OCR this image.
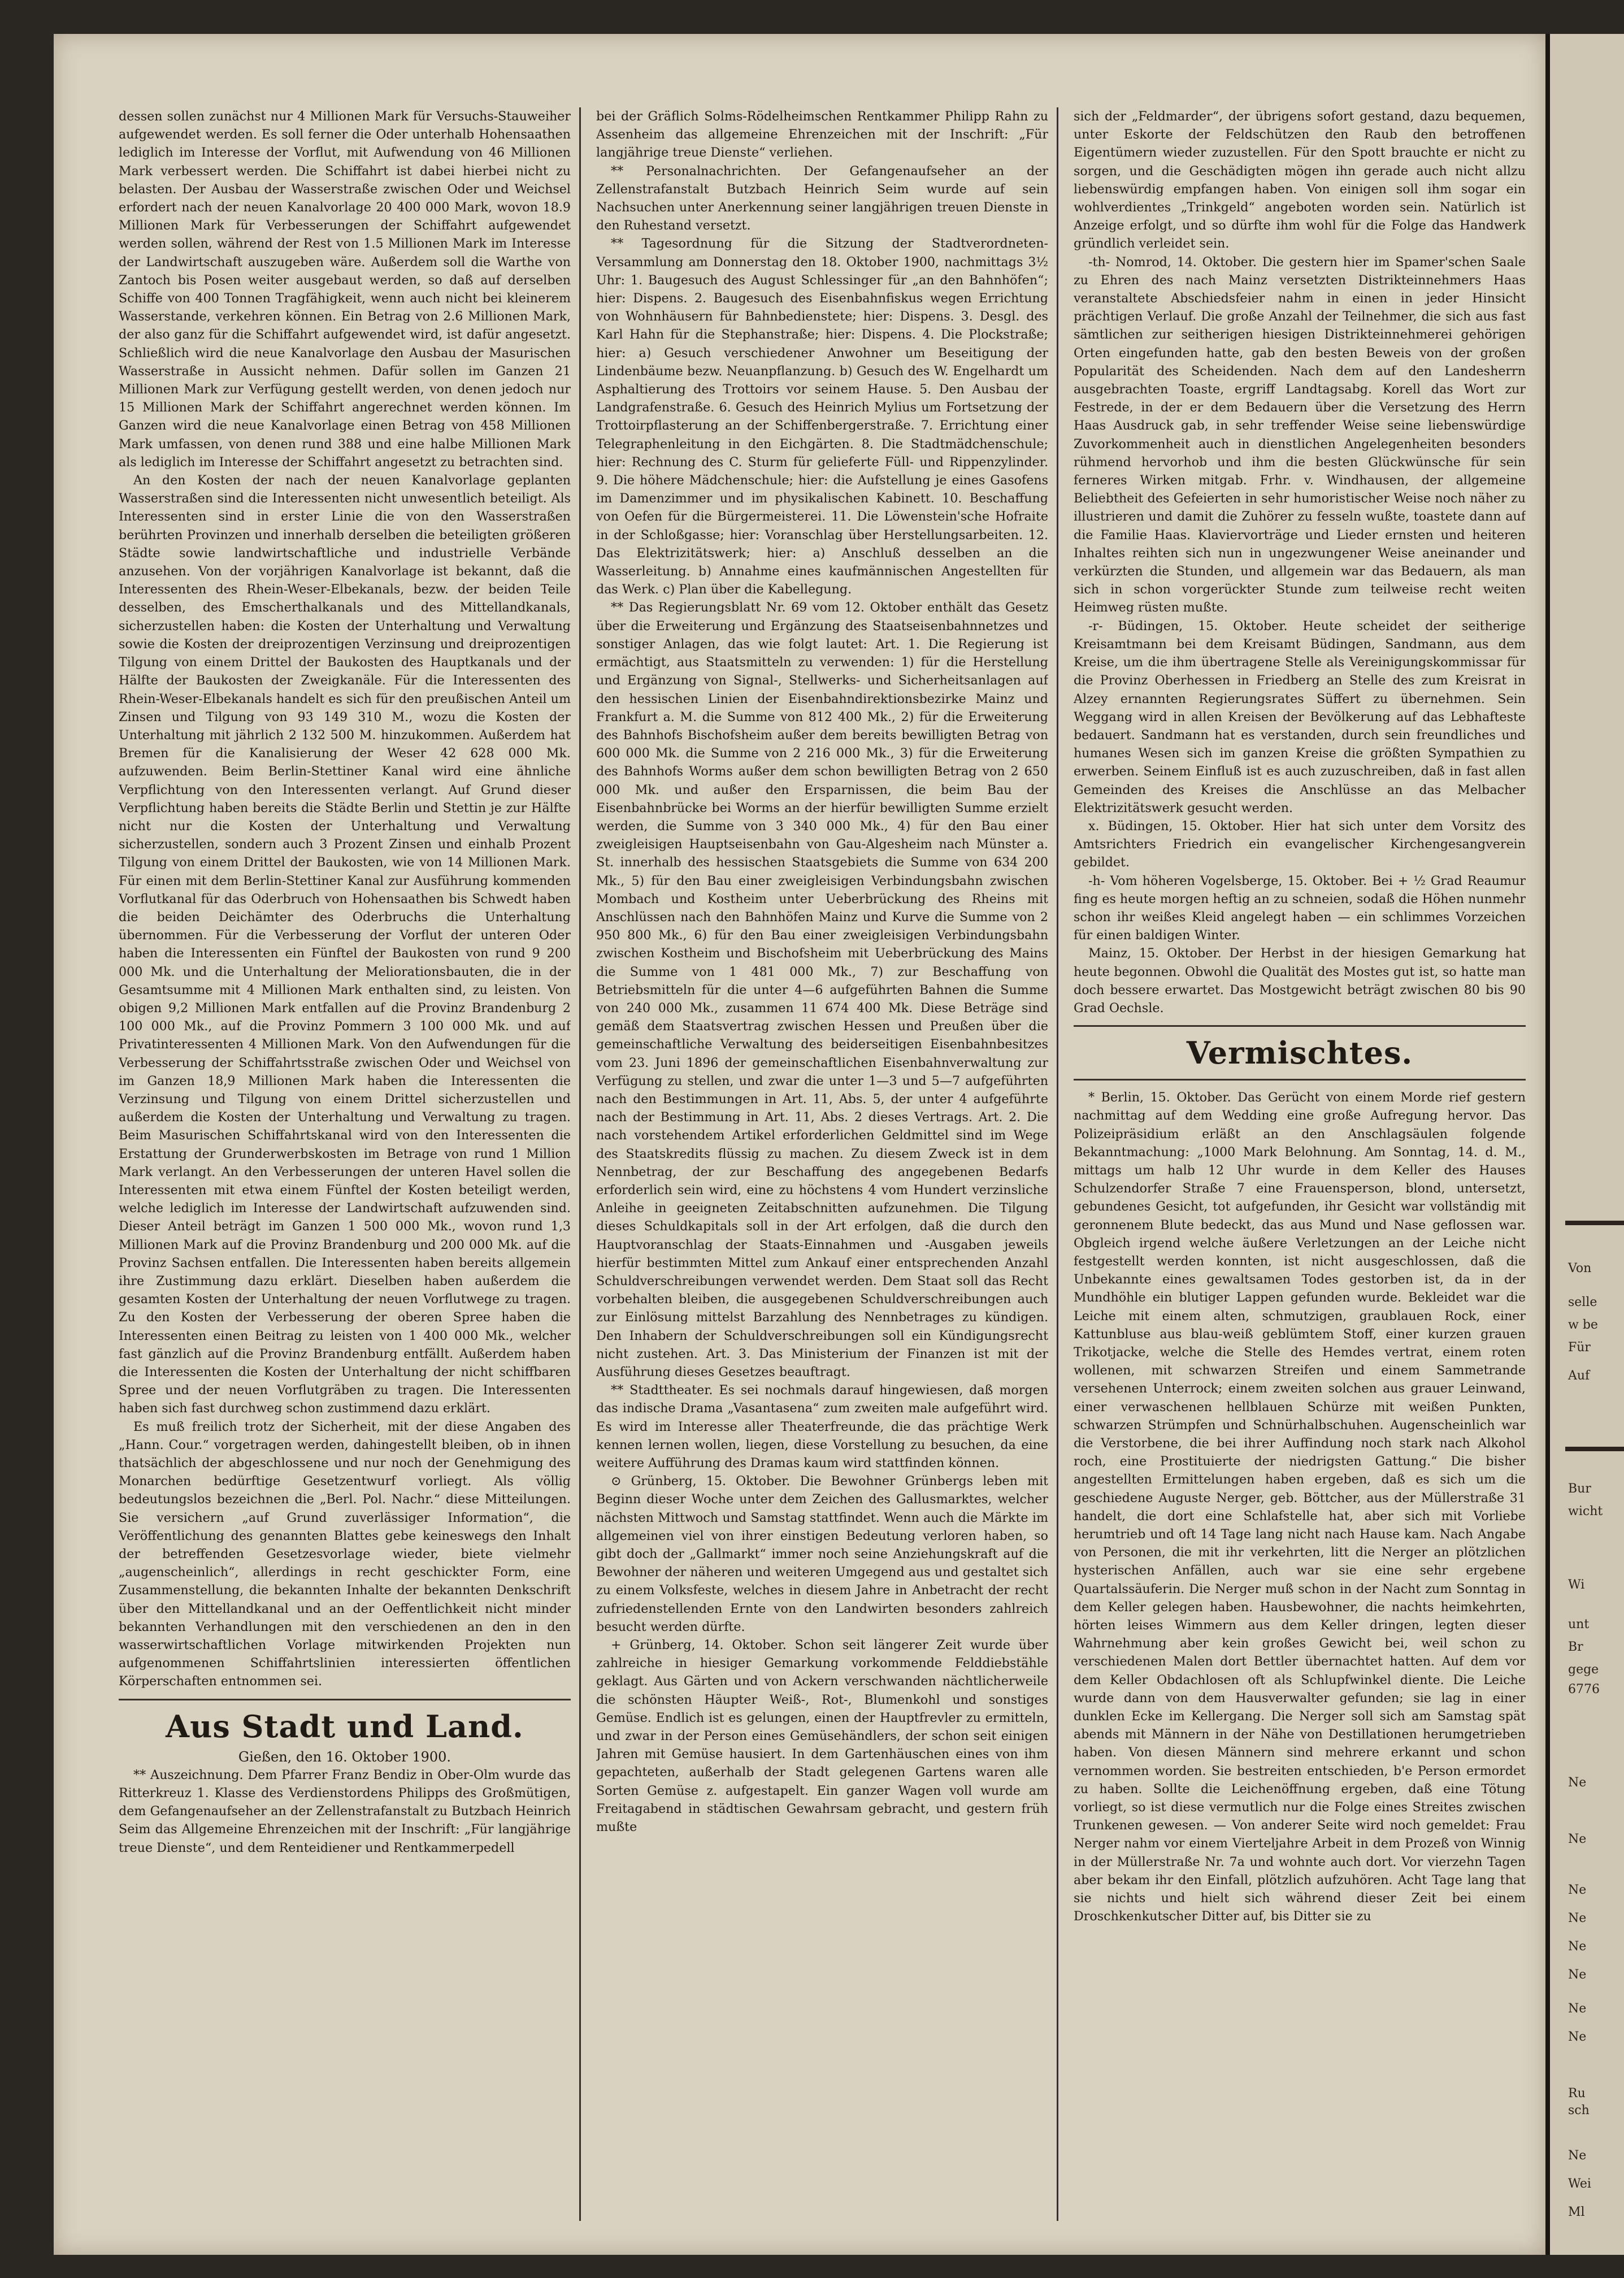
dessen sollen zunächst nur 4 Millionen Mark für Versuchs-Stauweiher aufgewendet werden. Es soll ferner die Oder unterhalb Hohensaathen lediglich im Interesse der Vorflut, mit Aufwendung von 46 Millionen Mark verbessert werden. Die Schiffahrt ist dabei hierbei nicht zu belasten. Der Ausbau der Wasserstraße zwischen Oder und Weichsel erfordert nach der neuen Kanalvorlage 20 400 000 Mark, wovon 18.9 Millionen Mark für Verbesserungen der Schiffahrt aufgewendet werden sollen, während der Rest von 1.5 Millionen Mark im Interesse der Landwirtschaft auszugeben wäre. Außerdem soll die Warthe von Zantoch bis Posen weiter ausgebaut werden, so daß auf derselben Schiffe von 400 Tonnen Tragfähigkeit, wenn auch nicht bei kleinerem Wasserstande, verkehren können. Ein Betrag von 2.6 Millionen Mark, der also ganz für die Schiffahrt aufgewendet wird, ist dafür angesetzt. Schließlich wird die neue Kanalvorlage den Ausbau der Masurischen Wasserstraße in Aussicht nehmen. Dafür sollen im Ganzen 21 Millionen Mark zur Verfügung gestellt werden, von denen jedoch nur 15 Millionen Mark der Schiffahrt angerechnet werden können. Im Ganzen wird die neue Kanalvorlage einen Betrag von 458 Millionen Mark umfassen, von denen rund 388 und eine halbe Millionen Mark als lediglich im Interesse der Schiffahrt angesetzt zu betrachten sind.

An den Kosten der nach der neuen Kanalvorlage geplanten Wasserstraßen sind die Interessenten nicht unwesentlich beteiligt. Als Interessenten sind in erster Linie die von den Wasserstraßen berührten Provinzen und innerhalb derselben die beteiligten größeren Städte sowie landwirtschaftliche und industrielle Verbände anzusehen. Von der vorjährigen Kanalvorlage ist bekannt, daß die Interessenten des Rhein-Weser-Elbekanals, bezw. der beiden Teile desselben, des Emscherthalkanals und des Mittellandkanals, sicherzustellen haben: die Kosten der Unterhaltung und Verwaltung sowie die Kosten der dreiprozentigen Verzinsung und dreiprozentigen Tilgung von einem Drittel der Baukosten des Hauptkanals und der Hälfte der Baukosten der Zweigkanäle. Für die Interessenten des Rhein-Weser-Elbekanals handelt es sich für den preußischen Anteil um Zinsen und Tilgung von 93 149 310 M., wozu die Kosten der Unterhaltung mit jährlich 2 132 500 M. hinzukommen. Außerdem hat Bremen für die Kanalisierung der Weser 42 628 000 Mk. aufzuwenden. Beim Berlin-Stettiner Kanal wird eine ähnliche Verpflichtung von den Interessenten verlangt. Auf Grund dieser Verpflichtung haben bereits die Städte Berlin und Stettin je zur Hälfte nicht nur die Kosten der Unterhaltung und Verwaltung sicherzustellen, sondern auch 3 Prozent Zinsen und einhalb Prozent Tilgung von einem Drittel der Baukosten, wie von 14 Millionen Mark. Für einen mit dem Berlin-Stettiner Kanal zur Ausführung kommenden Vorflutkanal für das Oderbruch von Hohensaathen bis Schwedt haben die beiden Deichämter des Oderbruchs die Unterhaltung übernommen. Für die Verbesserung der Vorflut der unteren Oder haben die Interessenten ein Fünftel der Baukosten von rund 9 200 000 Mk. und die Unterhaltung der Meliorationsbauten, die in der Gesamtsumme mit 4 Millionen Mark enthalten sind, zu leisten. Von obigen 9,2 Millionen Mark entfallen auf die Provinz Brandenburg 2 100 000 Mk., auf die Provinz Pommern 3 100 000 Mk. und auf Privatinteressenten 4 Millionen Mark. Von den Aufwendungen für die Verbesserung der Schiffahrtsstraße zwischen Oder und Weichsel von im Ganzen 18,9 Millionen Mark haben die Interessenten die Verzinsung und Tilgung von einem Drittel sicherzustellen und außerdem die Kosten der Unterhaltung und Verwaltung zu tragen. Beim Masurischen Schiffahrtskanal wird von den Interessenten die Erstattung der Grunderwerbskosten im Betrage von rund 1 Million Mark verlangt. An den Verbesserungen der unteren Havel sollen die Interessenten mit etwa einem Fünftel der Kosten beteiligt werden, welche lediglich im Interesse der Landwirtschaft aufzuwenden sind. Dieser Anteil beträgt im Ganzen 1 500 000 Mk., wovon rund 1,3 Millionen Mark auf die Provinz Brandenburg und 200 000 Mk. auf die Provinz Sachsen entfallen. Die Interessenten haben bereits allgemein ihre Zustimmung dazu erklärt. Dieselben haben außerdem die gesamten Kosten der Unterhaltung der neuen Vorflutwege zu tragen. Zu den Kosten der Verbesserung der oberen Spree haben die Interessenten einen Beitrag zu leisten von 1 400 000 Mk., welcher fast gänzlich auf die Provinz Brandenburg entfällt. Außerdem haben die Interessenten die Kosten der Unterhaltung der nicht schiffbaren Spree und der neuen Vorflutgräben zu tragen. Die Interessenten haben sich fast durchweg schon zustimmend dazu erklärt.

Es muß freilich trotz der Sicherheit, mit der diese Angaben des „Hann. Cour.“ vorgetragen werden, dahingestellt bleiben, ob in ihnen thatsächlich der abgeschlossene und nur noch der Genehmigung des Monarchen bedürftige Gesetzentwurf vorliegt. Als völlig bedeutungslos bezeichnen die „Berl. Pol. Nachr.“ diese Mitteilungen. Sie versichern „auf Grund zuverlässiger Information“, die Veröffentlichung des genannten Blattes gebe keineswegs den Inhalt der betreffenden Gesetzesvorlage wieder, biete vielmehr „augenscheinlich“, allerdings in recht geschickter Form, eine Zusammenstellung, die bekannten Inhalte der bekannten Denkschrift über den Mittellandkanal und an der Oeffentlichkeit nicht minder bekannten Verhandlungen mit den verschiedenen an den in den wasserwirtschaftlichen Vorlage mitwirkenden Projekten nun aufgenommenen Schiffahrtslinien interessierten öffentlichen Körperschaften entnommen sei.

Aus Stadt und Land.

Gießen, den 16. Oktober 1900.

** Auszeichnung. Dem Pfarrer Franz Bendiz in Ober-Olm wurde das Ritterkreuz 1. Klasse des Verdienstordens Philipps des Großmütigen, dem Gefangenaufseher an der Zellenstrafanstalt zu Butzbach Heinrich Seim das Allgemeine Ehrenzeichen mit der Inschrift: „Für langjährige treue Dienste“, und dem Renteidiener und Rentkammerpedell

bei der Gräflich Solms-Rödelheimschen Rentkammer Philipp Rahn zu Assenheim das allgemeine Ehrenzeichen mit der Inschrift: „Für langjährige treue Dienste“ verliehen.

** Personalnachrichten. Der Gefangenaufseher an der Zellenstrafanstalt Butzbach Heinrich Seim wurde auf sein Nachsuchen unter Anerkennung seiner langjährigen treuen Dienste in den Ruhestand versetzt.

** Tagesordnung für die Sitzung der Stadtverordneten-Versammlung am Donnerstag den 18. Oktober 1900, nachmittags 3½ Uhr: 1. Baugesuch des August Schlessinger für „an den Bahnhöfen“; hier: Dispens. 2. Baugesuch des Eisenbahnfiskus wegen Errichtung von Wohnhäusern für Bahnbedienstete; hier: Dispens. 3. Desgl. des Karl Hahn für die Stephanstraße; hier: Dispens. 4. Die Plockstraße; hier: a) Gesuch verschiedener Anwohner um Beseitigung der Lindenbäume bezw. Neuanpflanzung. b) Gesuch des W. Engelhardt um Asphaltierung des Trottoirs vor seinem Hause. 5. Den Ausbau der Landgrafenstraße. 6. Gesuch des Heinrich Mylius um Fortsetzung der Trottoirpflasterung an der Schiffenbergerstraße. 7. Errichtung einer Telegraphenleitung in den Eichgärten. 8. Die Stadtmädchenschule; hier: Rechnung des C. Sturm für gelieferte Füll- und Rippenzylinder. 9. Die höhere Mädchenschule; hier: die Aufstellung je eines Gasofens im Damenzimmer und im physikalischen Kabinett. 10. Beschaffung von Oefen für die Bürgermeisterei. 11. Die Löwenstein'sche Hofraite in der Schloßgasse; hier: Voranschlag über Herstellungsarbeiten. 12. Das Elektrizitätswerk; hier: a) Anschluß desselben an die Wasserleitung. b) Annahme eines kaufmännischen Angestellten für das Werk. c) Plan über die Kabellegung.

** Das Regierungsblatt Nr. 69 vom 12. Oktober enthält das Gesetz über die Erweiterung und Ergänzung des Staatseisenbahnnetzes und sonstiger Anlagen, das wie folgt lautet: Art. 1. Die Regierung ist ermächtigt, aus Staatsmitteln zu verwenden: 1) für die Herstellung und Ergänzung von Signal-, Stellwerks- und Sicherheitsanlagen auf den hessischen Linien der Eisenbahndirektionsbezirke Mainz und Frankfurt a. M. die Summe von 812 400 Mk., 2) für die Erweiterung des Bahnhofs Bischofsheim außer dem bereits bewilligten Betrag von 600 000 Mk. die Summe von 2 216 000 Mk., 3) für die Erweiterung des Bahnhofs Worms außer dem schon bewilligten Betrag von 2 650 000 Mk. und außer den Ersparnissen, die beim Bau der Eisenbahnbrücke bei Worms an der hierfür bewilligten Summe erzielt werden, die Summe von 3 340 000 Mk., 4) für den Bau einer zweigleisigen Hauptseisenbahn von Gau-Algesheim nach Münster a. St. innerhalb des hessischen Staatsgebiets die Summe von 634 200 Mk., 5) für den Bau einer zweigleisigen Verbindungsbahn zwischen Mombach und Kostheim unter Ueberbrückung des Rheins mit Anschlüssen nach den Bahnhöfen Mainz und Kurve die Summe von 2 950 800 Mk., 6) für den Bau einer zweigleisigen Verbindungsbahn zwischen Kostheim und Bischofsheim mit Ueberbrückung des Mains die Summe von 1 481 000 Mk., 7) zur Beschaffung von Betriebsmitteln für die unter 4—6 aufgeführten Bahnen die Summe von 240 000 Mk., zusammen 11 674 400 Mk. Diese Beträge sind gemäß dem Staatsvertrag zwischen Hessen und Preußen über die gemeinschaftliche Verwaltung des beiderseitigen Eisenbahnbesitzes vom 23. Juni 1896 der gemeinschaftlichen Eisenbahnverwaltung zur Verfügung zu stellen, und zwar die unter 1—3 und 5—7 aufgeführten nach den Bestimmungen in Art. 11, Abs. 5, der unter 4 aufgeführte nach der Bestimmung in Art. 11, Abs. 2 dieses Vertrags. Art. 2. Die nach vorstehendem Artikel erforderlichen Geldmittel sind im Wege des Staatskredits flüssig zu machen. Zu diesem Zweck ist in dem Nennbetrag, der zur Beschaffung des angegebenen Bedarfs erforderlich sein wird, eine zu höchstens 4 vom Hundert verzinsliche Anleihe in geeigneten Zeitabschnitten aufzunehmen. Die Tilgung dieses Schuldkapitals soll in der Art erfolgen, daß die durch den Hauptvoranschlag der Staats-Einnahmen und -Ausgaben jeweils hierfür bestimmten Mittel zum Ankauf einer entsprechenden Anzahl Schuldverschreibungen verwendet werden. Dem Staat soll das Recht vorbehalten bleiben, die ausgegebenen Schuldverschreibungen auch zur Einlösung mittelst Barzahlung des Nennbetrages zu kündigen. Den Inhabern der Schuldverschreibungen soll ein Kündigungsrecht nicht zustehen. Art. 3. Das Ministerium der Finanzen ist mit der Ausführung dieses Gesetzes beauftragt.

** Stadttheater. Es sei nochmals darauf hingewiesen, daß morgen das indische Drama „Vasantasena“ zum zweiten male aufgeführt wird. Es wird im Interesse aller Theaterfreunde, die das prächtige Werk kennen lernen wollen, liegen, diese Vorstellung zu besuchen, da eine weitere Aufführung des Dramas kaum wird stattfinden können.

⊙ Grünberg, 15. Oktober. Die Bewohner Grünbergs leben mit Beginn dieser Woche unter dem Zeichen des Gallusmarktes, welcher nächsten Mittwoch und Samstag stattfindet. Wenn auch die Märkte im allgemeinen viel von ihrer einstigen Bedeutung verloren haben, so gibt doch der „Gallmarkt“ immer noch seine Anziehungskraft auf die Bewohner der näheren und weiteren Umgegend aus und gestaltet sich zu einem Volksfeste, welches in diesem Jahre in Anbetracht der recht zufriedenstellenden Ernte von den Landwirten besonders zahlreich besucht werden dürfte.

+ Grünberg, 14. Oktober. Schon seit längerer Zeit wurde über zahlreiche in hiesiger Gemarkung vorkommende Felddiebstähle geklagt. Aus Gärten und von Ackern verschwanden nächtlicherweile die schönsten Häupter Weiß-, Rot-, Blumenkohl und sonstiges Gemüse. Endlich ist es gelungen, einen der Hauptfrevler zu ermitteln, und zwar in der Person eines Gemüsehändlers, der schon seit einigen Jahren mit Gemüse hausiert. In dem Gartenhäuschen eines von ihm gepachteten, außerhalb der Stadt gelegenen Gartens waren alle Sorten Gemüse z. aufgestapelt. Ein ganzer Wagen voll wurde am Freitagabend in städtischen Gewahrsam gebracht, und gestern früh mußte

sich der „Feldmarder“, der übrigens sofort gestand, dazu bequemen, unter Eskorte der Feldschützen den Raub den betroffenen Eigentümern wieder zuzustellen. Für den Spott brauchte er nicht zu sorgen, und die Geschädigten mögen ihn gerade auch nicht allzu liebenswürdig empfangen haben. Von einigen soll ihm sogar ein wohlverdientes „Trinkgeld“ angeboten worden sein. Natürlich ist Anzeige erfolgt, und so dürfte ihm wohl für die Folge das Handwerk gründlich verleidet sein.

-th- Nomrod, 14. Oktober. Die gestern hier im Spamer'schen Saale zu Ehren des nach Mainz versetzten Distrikteinnehmers Haas veranstaltete Abschiedsfeier nahm in einen in jeder Hinsicht prächtigen Verlauf. Die große Anzahl der Teilnehmer, die sich aus fast sämtlichen zur seitherigen hiesigen Distrikteinnehmerei gehörigen Orten eingefunden hatte, gab den besten Beweis von der großen Popularität des Scheidenden. Nach dem auf den Landesherrn ausgebrachten Toaste, ergriff Landtagsabg. Korell das Wort zur Festrede, in der er dem Bedauern über die Versetzung des Herrn Haas Ausdruck gab, in sehr treffender Weise seine liebenswürdige Zuvorkommenheit auch in dienstlichen Angelegenheiten besonders rühmend hervorhob und ihm die besten Glückwünsche für sein ferneres Wirken mitgab. Frhr. v. Windhausen, der allgemeine Beliebtheit des Gefeierten in sehr humoristischer Weise noch näher zu illustrieren und damit die Zuhörer zu fesseln wußte, toastete dann auf die Familie Haas. Klaviervorträge und Lieder ernsten und heiteren Inhaltes reihten sich nun in ungezwungener Weise aneinander und verkürzten die Stunden, und allgemein war das Bedauern, als man sich in schon vorgerückter Stunde zum teilweise recht weiten Heimweg rüsten mußte.

-r- Büdingen, 15. Oktober. Heute scheidet der seitherige Kreisamtmann bei dem Kreisamt Büdingen, Sandmann, aus dem Kreise, um die ihm übertragene Stelle als Vereinigungskommissar für die Provinz Oberhessen in Friedberg an Stelle des zum Kreisrat in Alzey ernannten Regierungsrates Süffert zu übernehmen. Sein Weggang wird in allen Kreisen der Bevölkerung auf das Lebhafteste bedauert. Sandmann hat es verstanden, durch sein freundliches und humanes Wesen sich im ganzen Kreise die größten Sympathien zu erwerben. Seinem Einfluß ist es auch zuzuschreiben, daß in fast allen Gemeinden des Kreises die Anschlüsse an das Melbacher Elektrizitätswerk gesucht werden.

x. Büdingen, 15. Oktober. Hier hat sich unter dem Vorsitz des Amtsrichters Friedrich ein evangelischer Kirchengesangverein gebildet.

-h- Vom höheren Vogelsberge, 15. Oktober. Bei + ½ Grad Reaumur fing es heute morgen heftig an zu schneien, sodaß die Höhen nunmehr schon ihr weißes Kleid angelegt haben — ein schlimmes Vorzeichen für einen baldigen Winter.

Mainz, 15. Oktober. Der Herbst in der hiesigen Gemarkung hat heute begonnen. Obwohl die Qualität des Mostes gut ist, so hatte man doch bessere erwartet. Das Mostgewicht beträgt zwischen 80 bis 90 Grad Oechsle.

Vermischtes.

* Berlin, 15. Oktober. Das Gerücht von einem Morde rief gestern nachmittag auf dem Wedding eine große Aufregung hervor. Das Polizeipräsidium erläßt an den Anschlagsäulen folgende Bekanntmachung: „1000 Mark Belohnung. Am Sonntag, 14. d. M., mittags um halb 12 Uhr wurde in dem Keller des Hauses Schulzendorfer Straße 7 eine Frauensperson, blond, untersetzt, gebundenes Gesicht, tot aufgefunden, ihr Gesicht war vollständig mit geronnenem Blute bedeckt, das aus Mund und Nase geflossen war. Obgleich irgend welche äußere Verletzungen an der Leiche nicht festgestellt werden konnten, ist nicht ausgeschlossen, daß die Unbekannte eines gewaltsamen Todes gestorben ist, da in der Mundhöhle ein blutiger Lappen gefunden wurde. Bekleidet war die Leiche mit einem alten, schmutzigen, graublauen Rock, einer Kattunbluse aus blau-weiß geblümtem Stoff, einer kurzen grauen Trikotjacke, welche die Stelle des Hemdes vertrat, einem roten wollenen, mit schwarzen Streifen und einem Sammetrande versehenen Unterrock; einem zweiten solchen aus grauer Leinwand, einer verwaschenen hellblauen Schürze mit weißen Punkten, schwarzen Strümpfen und Schnürhalbschuhen. Augenscheinlich war die Verstorbene, die bei ihrer Auffindung noch stark nach Alkohol roch, eine Prostituierte der niedrigsten Gattung.“ Die bisher angestellten Ermittelungen haben ergeben, daß es sich um die geschiedene Auguste Nerger, geb. Böttcher, aus der Müllerstraße 31 handelt, die dort eine Schlafstelle hat, aber sich mit Vorliebe herumtrieb und oft 14 Tage lang nicht nach Hause kam. Nach Angabe von Personen, die mit ihr verkehrten, litt die Nerger an plötzlichen hysterischen Anfällen, auch war sie eine sehr ergebene Quartalssäuferin. Die Nerger muß schon in der Nacht zum Sonntag in dem Keller gelegen haben. Hausbewohner, die nachts heimkehrten, hörten leises Wimmern aus dem Keller dringen, legten dieser Wahrnehmung aber kein großes Gewicht bei, weil schon zu verschiedenen Malen dort Bettler übernachtet hatten. Auf dem vor dem Keller Obdachlosen oft als Schlupfwinkel diente. Die Leiche wurde dann von dem Hausverwalter gefunden; sie lag in einer dunklen Ecke im Kellergang. Die Nerger soll sich am Samstag spät abends mit Männern in der Nähe von Destillationen herumgetrieben haben. Von diesen Männern sind mehrere erkannt und schon vernommen worden. Sie bestreiten entschieden, b'e Person ermordet zu haben. Sollte die Leichenöffnung ergeben, daß eine Tötung vorliegt, so ist diese vermutlich nur die Folge eines Streites zwischen Trunkenen gewesen. — Von anderer Seite wird noch gemeldet: Frau Nerger nahm vor einem Vierteljahre Arbeit in dem Prozeß von Winnig in der Müllerstraße Nr. 7a und wohnte auch dort. Vor vierzehn Tagen aber bekam ihr den Einfall, plötzlich aufzuhören. Acht Tage lang that sie nichts und hielt sich während dieser Zeit bei einem Droschkenkutscher Ditter auf, bis Ditter sie zu

Von
selle
w be
Für
Auf
Bur
wicht
Wi
unt
Br
gege
6776
Ne
Ne
Ne
Ne
Ne
Ne
Ne
Ne
Ru
sch
Ne
Wei
Ml
